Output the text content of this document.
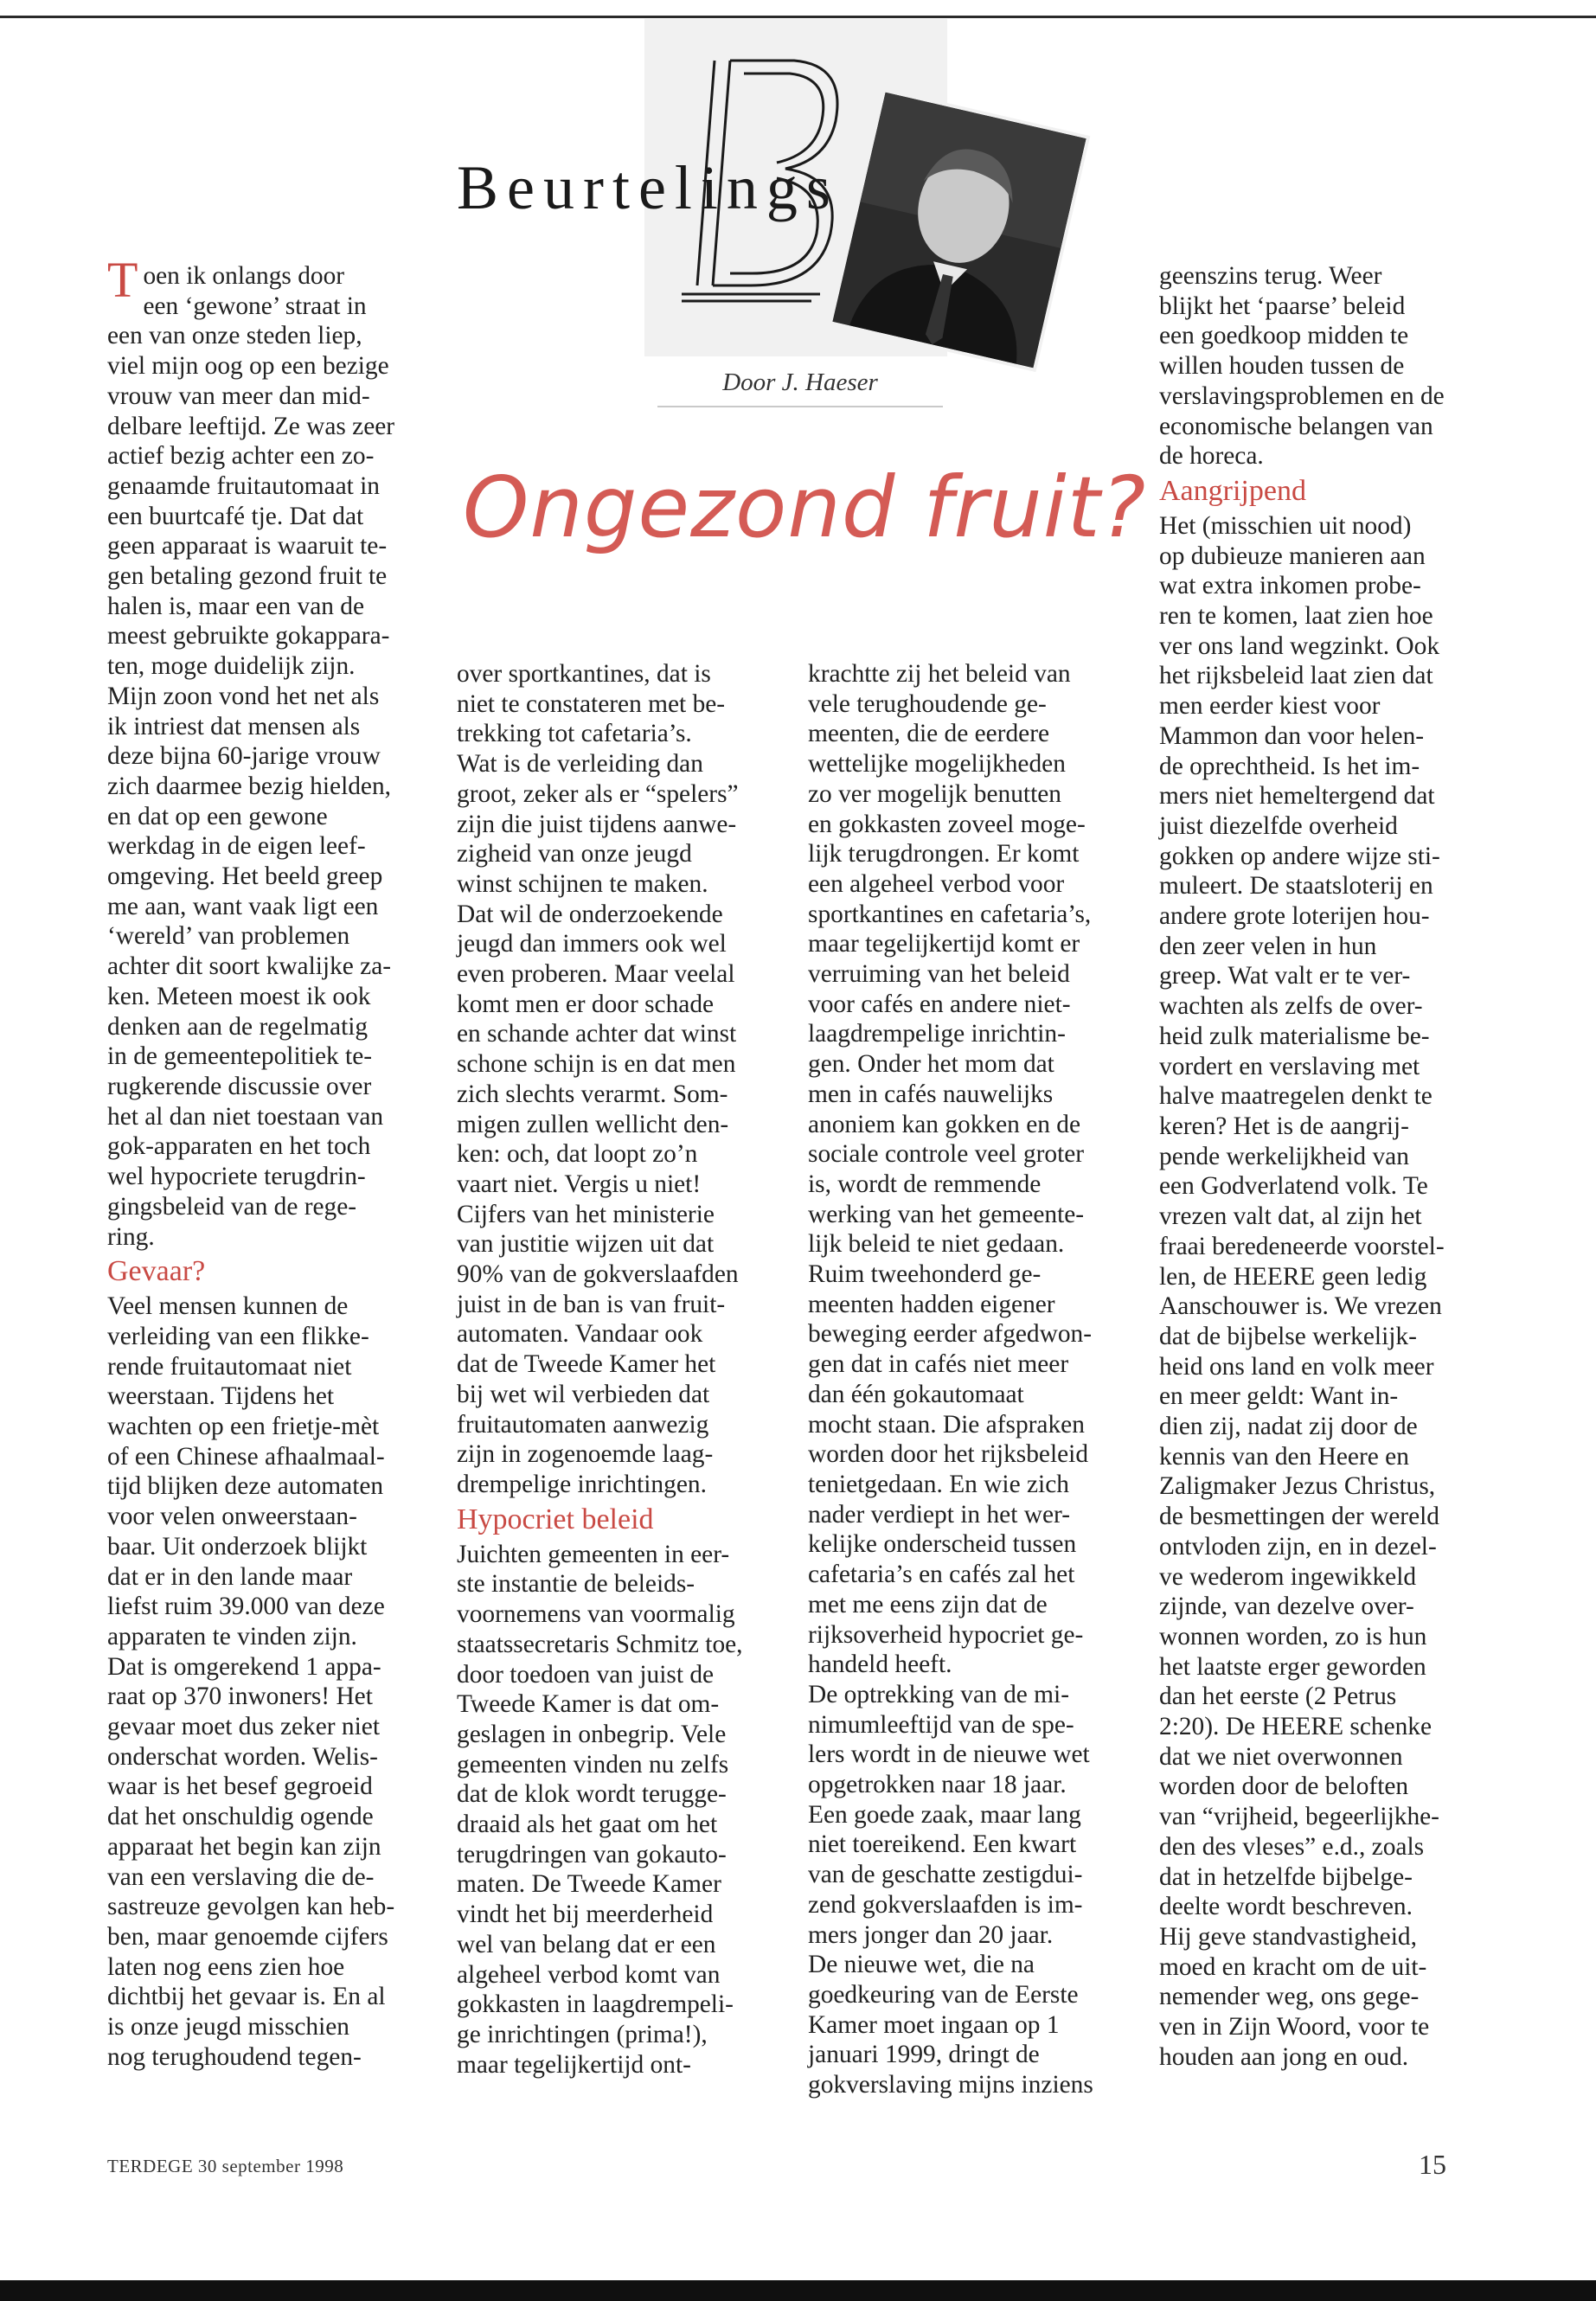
Beurtelings
Door J. Haeser
Ongezond fruit?
T oen ik onlangs door

een ‘gewone’ straat in

een van onze steden liep,

viel mijn oog op een bezige

vrouw van meer dan mid-

delbare leeftijd. Ze was zeer

actief bezig achter een zo-

genaamde fruitautomaat in

een buurtcafé tje. Dat dat

geen apparaat is waaruit te-

gen betaling gezond fruit te

halen is, maar een van de

meest gebruikte gokappara-

ten, moge duidelijk zijn.

Mijn zoon vond het net als

ik intriest dat mensen als

deze bijna 60-jarige vrouw

zich daarmee bezig hielden,

en dat op een gewone

werkdag in de eigen leef-

omgeving. Het beeld greep

me aan, want vaak ligt een

‘wereld’ van problemen

achter dit soort kwalijke za-

ken. Meteen moest ik ook

denken aan de regelmatig

in de gemeentepolitiek te-

rugkerende discussie over

het al dan niet toestaan van

gok-apparaten en het toch

wel hypocriete terugdrin-

gingsbeleid van de rege-

ring.

Gevaar?

Veel mensen kunnen de

verleiding van een flikke-

rende fruitautomaat niet

weerstaan. Tijdens het

wachten op een frietje-mèt

of een Chinese afhaalmaal-

tijd blijken deze automaten

voor velen onweerstaan-

baar. Uit onderzoek blijkt

dat er in den lande maar

liefst ruim 39.000 van deze

apparaten te vinden zijn.

Dat is omgerekend 1 appa-

raat op 370 inwoners! Het

gevaar moet dus zeker niet

onderschat worden. Welis-

waar is het besef gegroeid

dat het onschuldig ogende

apparaat het begin kan zijn

van een verslaving die de-

sastreuze gevolgen kan heb-

ben, maar genoemde cijfers

laten nog eens zien hoe

dichtbij het gevaar is. En al

is onze jeugd misschien

nog terughoudend tegen-

over sportkantines, dat is

niet te constateren met be-

trekking tot cafetaria’s.

Wat is de verleiding dan

groot, zeker als er “spelers”

zijn die juist tijdens aanwe-

zigheid van onze jeugd

winst schijnen te maken.

Dat wil de onderzoekende

jeugd dan immers ook wel

even proberen. Maar veelal

komt men er door schade

en schande achter dat winst

schone schijn is en dat men

zich slechts verarmt. Som-

migen zullen wellicht den-

ken: och, dat loopt zo’n

vaart niet. Vergis u niet!

Cijfers van het ministerie

van justitie wijzen uit dat

90% van de gokverslaafden

juist in de ban is van fruit-

automaten. Vandaar ook

dat de Tweede Kamer het

bij wet wil verbieden dat

fruitautomaten aanwezig

zijn in zogenoemde laag-

drempelige inrichtingen.

Hypocriet beleid

Juichten gemeenten in eer-

ste instantie de beleids-

voornemens van voormalig

staatssecretaris Schmitz toe,

door toedoen van juist de

Tweede Kamer is dat om-

geslagen in onbegrip. Vele

gemeenten vinden nu zelfs

dat de klok wordt terugge-

draaid als het gaat om het

terugdringen van gokauto-

maten. De Tweede Kamer

vindt het bij meerderheid

wel van belang dat er een

algeheel verbod komt van

gokkasten in laagdrempeli-

ge inrichtingen (prima!),

maar tegelijkertijd ont-

krachtte zij het beleid van

vele terughoudende ge-

meenten, die de eerdere

wettelijke mogelijkheden

zo ver mogelijk benutten

en gokkasten zoveel moge-

lijk terugdrongen. Er komt

een algeheel verbod voor

sportkantines en cafetaria’s,

maar tegelijkertijd komt er

verruiming van het beleid

voor cafés en andere niet-

laagdrempelige inrichtin-

gen. Onder het mom dat

men in cafés nauwelijks

anoniem kan gokken en de

sociale controle veel groter

is, wordt de remmende

werking van het gemeente-

lijk beleid te niet gedaan.

Ruim tweehonderd ge-

meenten hadden eigener

beweging eerder afgedwon-

gen dat in cafés niet meer

dan één gokautomaat

mocht staan. Die afspraken

worden door het rijksbeleid

tenietgedaan. En wie zich

nader verdiept in het wer-

kelijke onderscheid tussen

cafetaria’s en cafés zal het

met me eens zijn dat de

rijksoverheid hypocriet ge-

handeld heeft.

De optrekking van de mi-

nimumleeftijd van de spe-

lers wordt in de nieuwe wet

opgetrokken naar 18 jaar.

Een goede zaak, maar lang

niet toereikend. Een kwart

van de geschatte zestigdui-

zend gokverslaafden is im-

mers jonger dan 20 jaar.

De nieuwe wet, die na

goedkeuring van de Eerste

Kamer moet ingaan op 1

januari 1999, dringt de

gokverslaving mijns inziens

geenszins terug. Weer

blijkt het ‘paarse’ beleid

een goedkoop midden te

willen houden tussen de

verslavingsproblemen en de

economische belangen van

de horeca.

Aangrijpend

Het (misschien uit nood)

op dubieuze manieren aan

wat extra inkomen probe-

ren te komen, laat zien hoe

ver ons land wegzinkt. Ook

het rijksbeleid laat zien dat

men eerder kiest voor

Mammon dan voor helen-

de oprechtheid. Is het im-

mers niet hemeltergend dat

juist diezelfde overheid

gokken op andere wijze sti-

muleert. De staatsloterij en

andere grote loterijen hou-

den zeer velen in hun

greep. Wat valt er te ver-

wachten als zelfs de over-

heid zulk materialisme be-

vordert en verslaving met

halve maatregelen denkt te

keren? Het is de aangrij-

pende werkelijkheid van

een Godverlatend volk. Te

vrezen valt dat, al zijn het

fraai beredeneerde voorstel-

len, de HEERE geen ledig

Aanschouwer is. We vrezen

dat de bijbelse werkelijk-

heid ons land en volk meer

en meer geldt: Want in-

dien zij, nadat zij door de

kennis van den Heere en

Zaligmaker Jezus Christus,

de besmettingen der wereld

ontvloden zijn, en in dezel-

ve wederom ingewikkeld

zijnde, van dezelve over-

wonnen worden, zo is hun

het laatste erger geworden

dan het eerste (2 Petrus

2:20). De HEERE schenke

dat we niet overwonnen

worden door de beloften

van “vrijheid, begeerlijkhe-

den des vleses” e.d., zoals

dat in hetzelfde bijbelge-

deelte wordt beschreven.

Hij geve standvastigheid,

moed en kracht om de uit-

nemender weg, ons gege-

ven in Zijn Woord, voor te

houden aan jong en oud.

TERDEGE 30 september 1998	15
